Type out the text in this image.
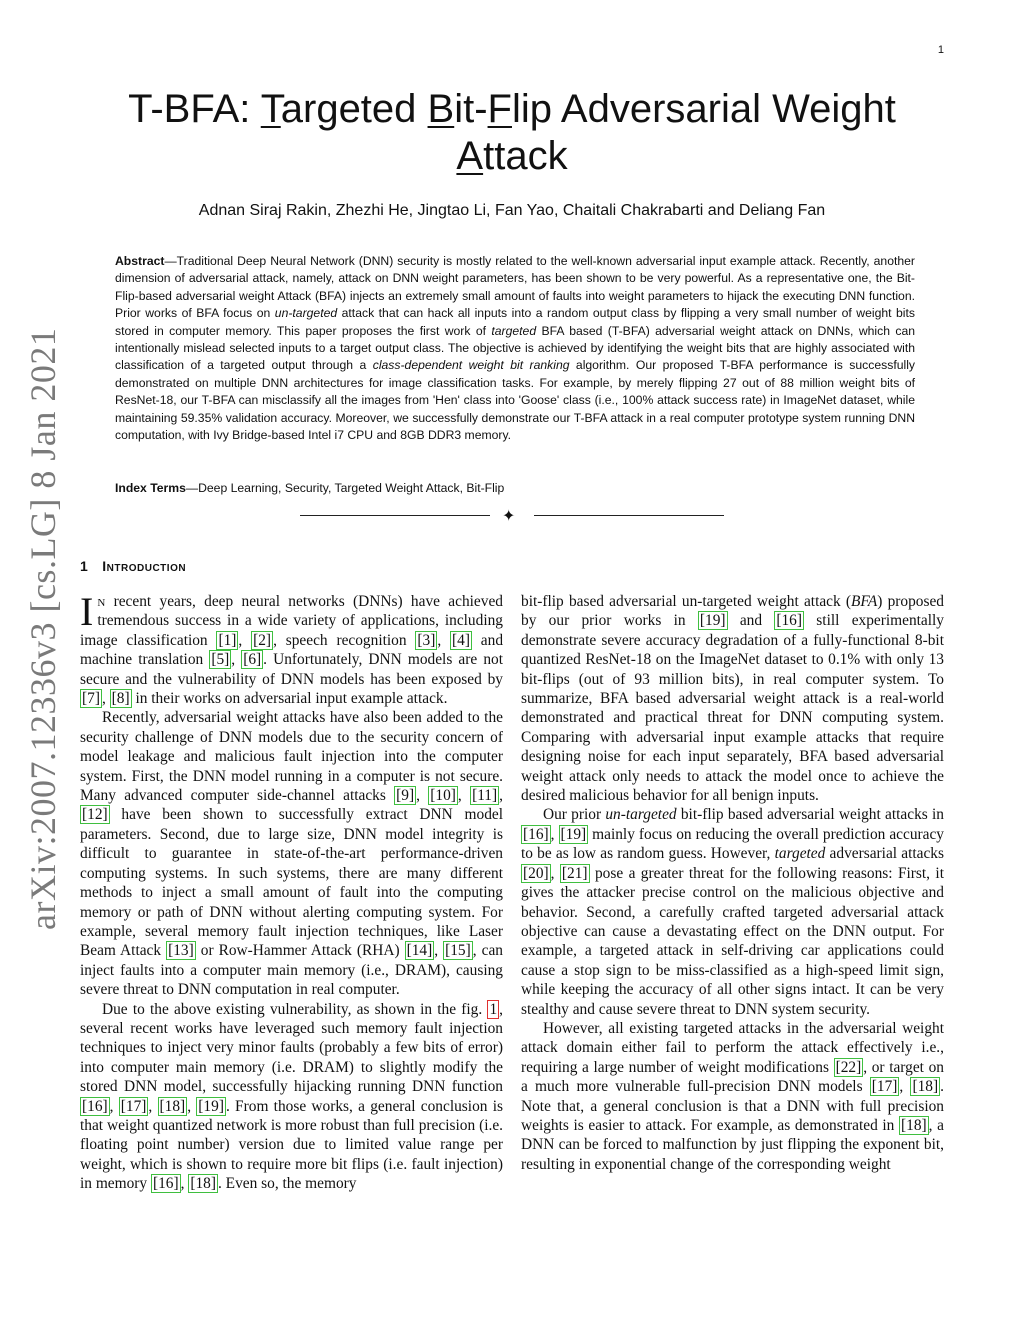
1
arXiv:2007.12336v3 [cs.LG] 8 Jan 2021
T-BFA: Targeted Bit-Flip Adversarial Weight
Attack
Adnan Siraj Rakin, Zhezhi He, Jingtao Li, Fan Yao, Chaitali Chakrabarti and Deliang Fan
Abstract—Traditional Deep Neural Network (DNN) security is mostly related to the well-known adversarial input example attack. Recently, another dimension of adversarial attack, namely, attack on DNN weight parameters, has been shown to be very powerful. As a representative one, the Bit-Flip-based adversarial weight Attack (BFA) injects an extremely small amount of faults into weight parameters to hijack the executing DNN function. Prior works of BFA focus on un-targeted attack that can hack all inputs into a random output class by flipping a very small number of weight bits stored in computer memory. This paper proposes the first work of targeted BFA based (T-BFA) adversarial weight attack on DNNs, which can intentionally mislead selected inputs to a target output class. The objective is achieved by identifying the weight bits that are highly associated with classification of a targeted output through a class-dependent weight bit ranking algorithm. Our proposed T-BFA performance is successfully demonstrated on multiple DNN architectures for image classification tasks. For example, by merely flipping 27 out of 88 million weight bits of ResNet-18, our T-BFA can misclassify all the images from 'Hen' class into 'Goose' class (i.e., 100% attack success rate) in ImageNet dataset, while maintaining 59.35% validation accuracy. Moreover, we successfully demonstrate our T-BFA attack in a real computer prototype system running DNN computation, with Ivy Bridge-based Intel i7 CPU and 8GB DDR3 memory.
Index Terms—Deep Learning, Security, Targeted Weight Attack, Bit-Flip
✦
1 Introduction

In recent years, deep neural networks (DNNs) have achieved tremendous success in a wide variety of applications, including image classification [1] , [2] , speech recognition [3] , [4] and machine translation [5] , [6] . Unfortunately, DNN models are not secure and the vulnerability of DNN models has been exposed by [7] , [8] in their works on adversarial input example attack.

Recently, adversarial weight attacks have also been added to the security challenge of DNN models due to the security concern of model leakage and malicious fault injection into the computer system. First, the DNN model running in a computer is not secure. Many advanced computer side-channel attacks [9] , [10] , [11] , [12] have been shown to successfully extract DNN model parameters. Second, due to large size, DNN model integrity is difficult to guarantee in state-of-the-art performance-driven computing systems. In such systems, there are many different methods to inject a small amount of fault into the computing memory or path of DNN without alerting computing system. For example, several memory fault injection techniques, like Laser Beam Attack [13] or Row-Hammer Attack (RHA) [14] , [15] , can inject faults into a computer main memory (i.e., DRAM), causing severe threat to DNN computation in real computer.

Due to the above existing vulnerability, as shown in the fig. 1 , several recent works have leveraged such memory fault injection techniques to inject very minor faults (probably a few bits of error) into computer main memory (i.e. DRAM) to slightly modify the stored DNN model, successfully hijacking running DNN function [16] , [17] , [18] , [19] . From those works, a general conclusion is that weight quantized network is more robust than full precision (i.e. floating point number) version due to limited value range per weight, which is shown to require more bit flips (i.e. fault injection) in memory [16] , [18] . Even so, the memory

bit-flip based adversarial un-targeted weight attack (BFA) proposed by our prior works in [19] and [16] still experimentally demonstrate severe accuracy degradation of a fully-functional 8-bit quantized ResNet-18 on the ImageNet dataset to 0.1% with only 13 bit-flips (out of 93 million bits), in real computer system. To summarize, BFA based adversarial weight attack is a real-world demonstrated and practical threat for DNN computing system. Comparing with adversarial input example attacks that require designing noise for each input separately, BFA based adversarial weight attack only needs to attack the model once to achieve the desired malicious behavior for all benign inputs.

Our prior un-targeted bit-flip based adversarial weight attacks in [16] , [19] mainly focus on reducing the overall prediction accuracy to be as low as random guess. However, targeted adversarial attacks [20] , [21] pose a greater threat for the following reasons: First, it gives the attacker precise control on the malicious objective and behavior. Second, a carefully crafted targeted adversarial attack objective can cause a devastating effect on the DNN output. For example, a targeted attack in self-driving car applications could cause a stop sign to be miss-classified as a high-speed limit sign, while keeping the accuracy of all other signs intact. It can be very stealthy and cause severe threat to DNN system security.

However, all existing targeted attacks in the adversarial weight attack domain either fail to perform the attack effectively i.e., requiring a large number of weight modifications [22] , or target on a much more vulnerable full-precision DNN models [17] , [18] . Note that, a general conclusion is that a DNN with full precision weights is easier to attack. For example, as demonstrated in [18] , a DNN can be forced to malfunction by just flipping the exponent bit, resulting in exponential change of the corresponding weight
